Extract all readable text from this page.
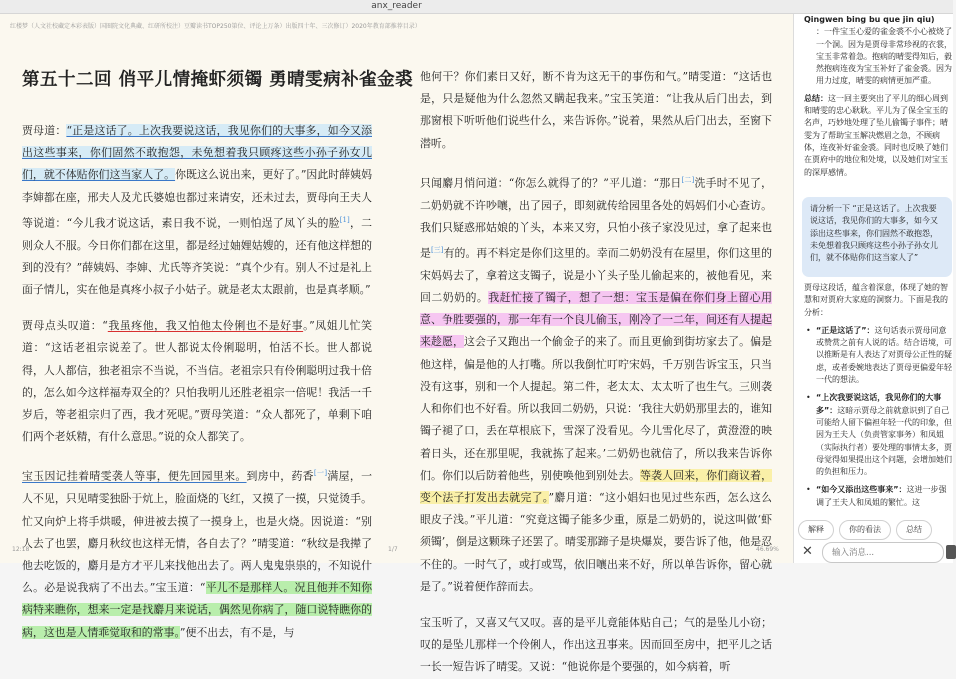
anx_reader
红楼梦（人文社校藏定本彩表版）国圈院文化典藏、红研所校注）豆瓣读书TOP250第位、评论上万条）出版四十年、三次修订）2020年教育部推荐目录）
第五十二回 俏平儿情掩虾须镯 勇晴雯病补雀金裘

贾母道：“正是这话了。上次我要说这话，我见你们的大事多，如今又添出这些事来，你们固然不敢抱怨，未免想着我只顾疼这些小孙子孙女儿们，就不体贴你们这当家人了。你既这么说出来，更好了。”因此时薛姨妈李婶都在座，邢夫人及尤氏婆媳也都过来请安，还未过去，贾母向王夫人等说道：“今儿我才说这话，素日我不说，一则怕逞了凤丫头的脸[1]，二则众人不服。今日你们都在这里，都是经过妯娌姑嫂的，还有他这样想的到的没有？”薛姨妈、李婶、尤氏等齐笑说：“真个少有。别人不过是礼上面子情儿，实在他是真疼小叔子小姑子。就是老太太跟前，也是真孝顺。”

贾母点头叹道：“我虽疼他，我又怕他太伶俐也不是好事。”凤姐儿忙笑道：“这话老祖宗说差了。世人都说太伶俐聪明，怕活不长。世人都说得，人人都信，独老祖宗不当说，不当信。老祖宗只有伶俐聪明过我十倍的，怎么如今这样福寿双全的？只怕我明儿还胜老祖宗一倍呢！我活一千岁后，等老祖宗归了西，我才死呢。”贾母笑道：“众人都死了，单剩下咱们两个老妖精，有什么意思。”说的众人都笑了。

宝玉因记挂着晴雯袭人等事，便先回园里来。到房中，药香[一]满屋，一人不见，只见晴雯独卧于炕上，脸面烧的飞红，又摸了一摸，只觉烫手。忙又向炉上将手烘暖，伸进被去摸了一摸身上，也是火烧。因说道：“别人去了也罢，麝月秋纹也这样无情，各自去了？”晴雯道：“秋纹是我撵了他去吃饭的，麝月是方才平儿来找他出去了。两人鬼鬼祟祟的，不知说什么。必是说我病了不出去。”宝玉道：“平儿不是那样人。况且他并不知你病特来瞧你，想来一定是找麝月来说话，偶然见你病了，随口说特瞧你的病，这也是人情乖觉取和的常事。”便不出去，有不是，与

他何干？你们素日又好，断不肯为这无干的事伤和气。”晴雯道：“这话也是，只是疑他为什么忽然又瞒起我来。”宝玉笑道：“让我从后门出去，到那窗根下听听他们说些什么，来告诉你。”说着，果然从后门出去，至窗下潜听。

只闻麝月悄问道：“你怎么就得了的？”平儿道：“那日[二]洗手时不见了，二奶奶就不许吵嚷，出了园子，即刻就传给园里各处的妈妈们小心查访。我们只疑惑邢姑娘的丫头，本来又穷，只怕小孩子家没见过，拿了起来也是[三]有的。再不料定是你们这里的。幸而二奶奶没有在屋里，你们这里的宋妈妈去了，拿着这支镯子，说是小丫头子坠儿偷起来的，被他看见，来回二奶奶的。我赶忙接了镯子，想了一想：宝玉是偏在你们身上留心用意、争胜要强的，那一年有一个良儿偷玉，刚冷了一二年，间还有人提起来趁愿，这会子又跑出一个偷金子的来了。而且更偷到街坊家去了。偏是他这样，偏是他的人打嘴。所以我倒忙叮咛宋妈，千万别告诉宝玉，只当没有这事，别和一个人提起。第二件，老太太、太太听了也生气。三则袭人和你们也不好看。所以我回二奶奶，只说：‘我往大奶奶那里去的，谁知镯子褪了口，丢在草根底下，雪深了没看见。今儿雪化尽了，黄澄澄的映着日头，还在那里呢，我就拣了起来。’二奶奶也就信了，所以我来告诉你们。你们以后防着他些，别使唤他到别处去。等袭人回来，你们商议着，变个法子打发出去就完了。”麝月道：“这小娼妇也见过些东西，怎么这么眼皮子浅。”平儿道：“究竟这镯子能多少重，原是二奶奶的，说这叫做‘虾须镯’，倒是这颗珠子还罢了。晴雯那蹄子是块爆炭，要告诉了他，他是忍不住的。一时气了，或打或骂，依旧嚷出来不好，所以单告诉你，留心就是了。”说着便作辞而去。

宝玉听了，又喜又气又叹。喜的是平儿竟能体贴自己；气的是坠儿小窃；叹的是坠儿那样一个伶俐人，作出这丑事来。因而回至房中，把平儿之话一长一短告诉了晴雯。又说：“他说你是个要强的，如今病着，听

12:18	1/7	46.69%
Qingwen bing bu que jin qiu)
：一件宝玉心爱的雀金裘不小心被烧了一个洞。因为是贾母非常珍视的衣裳，宝玉非常着急。抱病的晴雯得知后，毅然抱病连夜为宝玉补好了雀金裘。因为用力过度，晴雯的病情更加严重。
总结：这一回主要突出了平儿的细心周到和晴雯的忠心耿耿。平儿为了保全宝玉的名声，巧妙地处理了坠儿偷镯子事件；晴雯为了帮助宝玉解决燃眉之急，不顾病体，连夜补好雀金裘。同时也反映了她们在贾府中的地位和处境，以及她们对宝玉的深厚感情。
请分析一下 “正是这话了。上次我要说这话，我见你们的大事多，如今又添出这些事来，你们固然不敢抱怨，未免想着我只顾疼这些小孙子孙女儿们，就不体贴你们这当家人了”
贾母这段话，蕴含着深意，体现了她的智慧和对贾府大家庭的洞察力。下面是我的分析：
• “正是这话了”：这句话表示贾母同意或赞赏之前有人说的话。结合语境，可以推断是有人表达了对贾母公正性的疑虑，或者委婉地表达了贾母更偏爱年轻一代的想法。
• “上次我要说这话，我见你们的大事多”：这暗示贾母之前就意识到了自己可能给人留下偏袒年轻一代的印象，但因为王夫人（负责管家事务）和凤姐（实际执行者）要处理的事情太多，贾母觉得如果提出这个问题，会增加她们的负担和压力。
• “如今又添出这些事来”：这进一步强调了王夫人和凤姐的繁忙。这
解释	你的看法	总结
✕
输入消息...
